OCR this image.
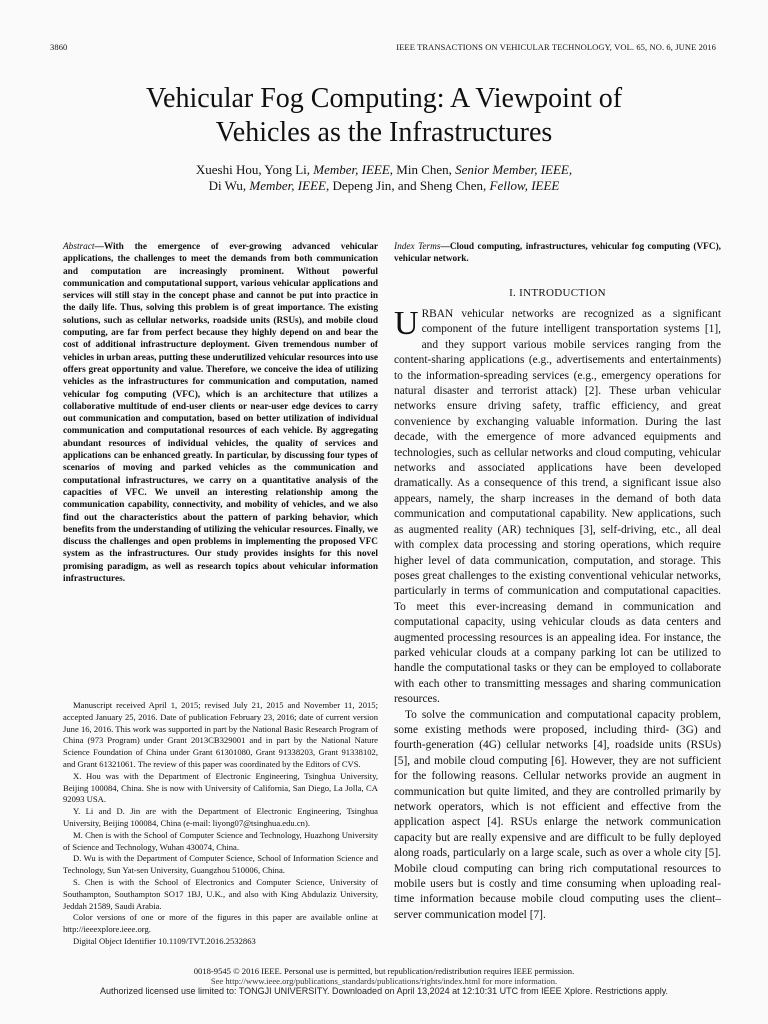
3860	IEEE TRANSACTIONS ON VEHICULAR TECHNOLOGY, VOL. 65, NO. 6, JUNE 2016
Vehicular Fog Computing: A Viewpoint of
Vehicles as the Infrastructures
Xueshi Hou, Yong Li, Member, IEEE, Min Chen, Senior Member, IEEE,
Di Wu, Member, IEEE, Depeng Jin, and Sheng Chen, Fellow, IEEE
Abstract—With the emergence of ever-growing advanced vehicular applications, the challenges to meet the demands from both communication and computation are increasingly prominent. Without powerful communication and computational support, various vehicular applications and services will still stay in the concept phase and cannot be put into practice in the daily life. Thus, solving this problem is of great importance. The existing solutions, such as cellular networks, roadside units (RSUs), and mobile cloud computing, are far from perfect because they highly depend on and bear the cost of additional infrastructure deployment. Given tremendous number of vehicles in urban areas, putting these underutilized vehicular resources into use offers great opportunity and value. Therefore, we conceive the idea of utilizing vehicles as the infrastructures for communication and computation, named vehicular fog computing (VFC), which is an architecture that utilizes a collaborative multitude of end-user clients or near-user edge devices to carry out communication and computation, based on better utilization of individual communication and computational resources of each vehicle. By aggregating abundant resources of individual vehicles, the quality of services and applications can be enhanced greatly. In particular, by discussing four types of scenarios of moving and parked vehicles as the communication and computational infrastructures, we carry on a quantitative analysis of the capacities of VFC. We unveil an interesting relationship among the communication capability, connectivity, and mobility of vehicles, and we also find out the characteristics about the pattern of parking behavior, which benefits from the understanding of utilizing the vehicular resources. Finally, we discuss the challenges and open problems in implementing the proposed VFC system as the infrastructures. Our study provides insights for this novel promising paradigm, as well as research topics about vehicular information infrastructures.
Index Terms—Cloud computing, infrastructures, vehicular fog computing (VFC), vehicular network.
I. INTRODUCTION

URBAN vehicular networks are recognized as a significant component of the future intelligent transportation systems [1], and they support various mobile services ranging from the content-sharing applications (e.g., advertisements and entertainments) to the information-spreading services (e.g., emergency operations for natural disaster and terrorist attack) [2]. These urban vehicular networks ensure driving safety, traffic efficiency, and great convenience by exchanging valuable information. During the last decade, with the emergence of more advanced equipments and technologies, such as cellular networks and cloud computing, vehicular networks and associated applications have been developed dramatically. As a consequence of this trend, a significant issue also appears, namely, the sharp increases in the demand of both data communication and computational capability. New applications, such as augmented reality (AR) techniques [3], self-driving, etc., all deal with complex data processing and storing operations, which require higher level of data communication, computation, and storage. This poses great challenges to the existing conventional vehicular networks, particularly in terms of communication and computational capacities. To meet this ever-increasing demand in communication and computational capacity, using vehicular clouds as data centers and augmented processing resources is an appealing idea. For instance, the parked vehicular clouds at a company parking lot can be utilized to handle the computational tasks or they can be employed to collaborate with each other to transmitting messages and sharing communication resources.

To solve the communication and computational capacity problem, some existing methods were proposed, including third- (3G) and fourth-generation (4G) cellular networks [4], roadside units (RSUs) [5], and mobile cloud computing [6]. However, they are not sufficient for the following reasons. Cellular networks provide an augment in communication but quite limited, and they are controlled primarily by network operators, which is not efficient and effective from the application aspect [4]. RSUs enlarge the network communication capacity but are really expensive and are difficult to be fully deployed along roads, particularly on a large scale, such as over a whole city [5]. Mobile cloud computing can bring rich computational resources to mobile users but is costly and time consuming when uploading real-time information because mobile cloud computing uses the client–server communication model [7].

Manuscript received April 1, 2015; revised July 21, 2015 and November 11, 2015; accepted January 25, 2016. Date of publication February 23, 2016; date of current version June 16, 2016. This work was supported in part by the National Basic Research Program of China (973 Program) under Grant 2013CB329001 and in part by the National Nature Science Foundation of China under Grant 61301080, Grant 91338203, Grant 91338102, and Grant 61321061. The review of this paper was coordinated by the Editors of CVS.

X. Hou was with the Department of Electronic Engineering, Tsinghua University, Beijing 100084, China. She is now with University of California, San Diego, La Jolla, CA 92093 USA.

Y. Li and D. Jin are with the Department of Electronic Engineering, Tsinghua University, Beijing 100084, China (e-mail: liyong07@tsinghua.edu.cn).

M. Chen is with the School of Computer Science and Technology, Huazhong University of Science and Technology, Wuhan 430074, China.

D. Wu is with the Department of Computer Science, School of Information Science and Technology, Sun Yat-sen University, Guangzhou 510006, China.

S. Chen is with the School of Electronics and Computer Science, University of Southampton, Southampton SO17 1BJ, U.K., and also with King Abdulaziz University, Jeddah 21589, Saudi Arabia.

Color versions of one or more of the figures in this paper are available online at http://ieeexplore.ieee.org.

Digital Object Identifier 10.1109/TVT.2016.2532863

0018-9545 © 2016 IEEE. Personal use is permitted, but republication/redistribution requires IEEE permission.
See http://www.ieee.org/publications_standards/publications/rights/index.html for more information.
Authorized licensed use limited to: TONGJI UNIVERSITY. Downloaded on April 13,2024 at 12:10:31 UTC from IEEE Xplore. Restrictions apply.
